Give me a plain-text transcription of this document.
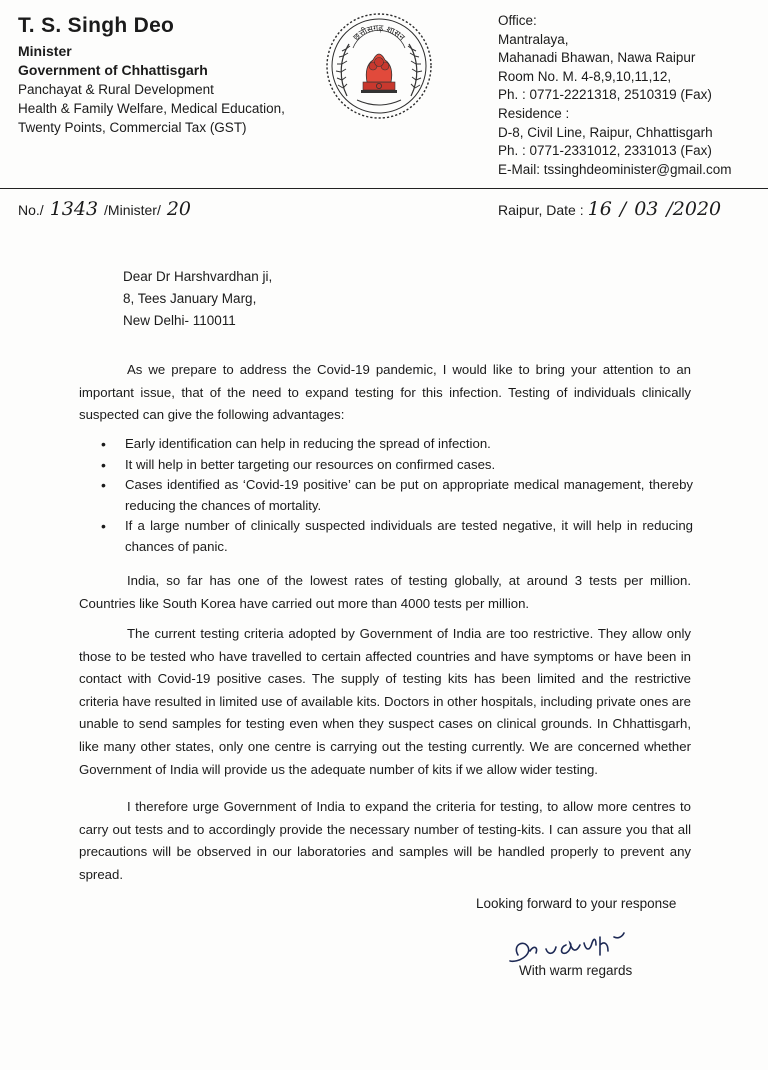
T. S. Singh Deo
Minister
Government of Chhattisgarh
Panchayat & Rural Development
Health & Family Welfare, Medical Education,
Twenty Points, Commercial Tax (GST)
छत्तीसगढ़ शासन
Office:
Mantralaya,
Mahanadi Bhawan, Nawa Raipur
Room No. M. 4-8,9,10,11,12,
Ph. : 0771-2221318, 2510319 (Fax)
Residence :
D-8, Civil Line, Raipur, Chhattisgarh
Ph. : 0771-2331012, 2331013 (Fax)
E-Mail: tssinghdeominister@gmail.com
No./ 1343 /Minister/ 20	Raipur, Date : 16 / 03 /2020
Dear Dr Harshvardhan ji,
8, Tees January Marg,
New Delhi- 110011

As we prepare to address the Covid-19 pandemic, I would like to bring your attention to an important issue, that of the need to expand testing for this infection. Testing of individuals clinically suspected can give the following advantages:

• Early identification can help in reducing the spread of infection.
• It will help in better targeting our resources on confirmed cases.
• Cases identified as ‘Covid-19 positive’ can be put on appropriate medical management, thereby reducing the chances of mortality.
• If a large number of clinically suspected individuals are tested negative, it will help in reducing chances of panic.

India, so far has one of the lowest rates of testing globally, at around 3 tests per million. Countries like South Korea have carried out more than 4000 tests per million.

The current testing criteria adopted by Government of India are too restrictive. They allow only those to be tested who have travelled to certain affected countries and have symptoms or have been in contact with Covid-19 positive cases. The supply of testing kits has been limited and the restrictive criteria have resulted in limited use of available kits. Doctors in other hospitals, including private ones are unable to send samples for testing even when they suspect cases on clinical grounds. In Chhattisgarh, like many other states, only one centre is carrying out the testing currently. We are concerned whether Government of India will provide us the adequate number of kits if we allow wider testing.

I therefore urge Government of India to expand the criteria for testing, to allow more centres to carry out tests and to accordingly provide the necessary number of testing-kits. I can assure you that all precautions will be observed in our laboratories and samples will be handled properly to prevent any spread.

Looking forward to your response
With warm regards
